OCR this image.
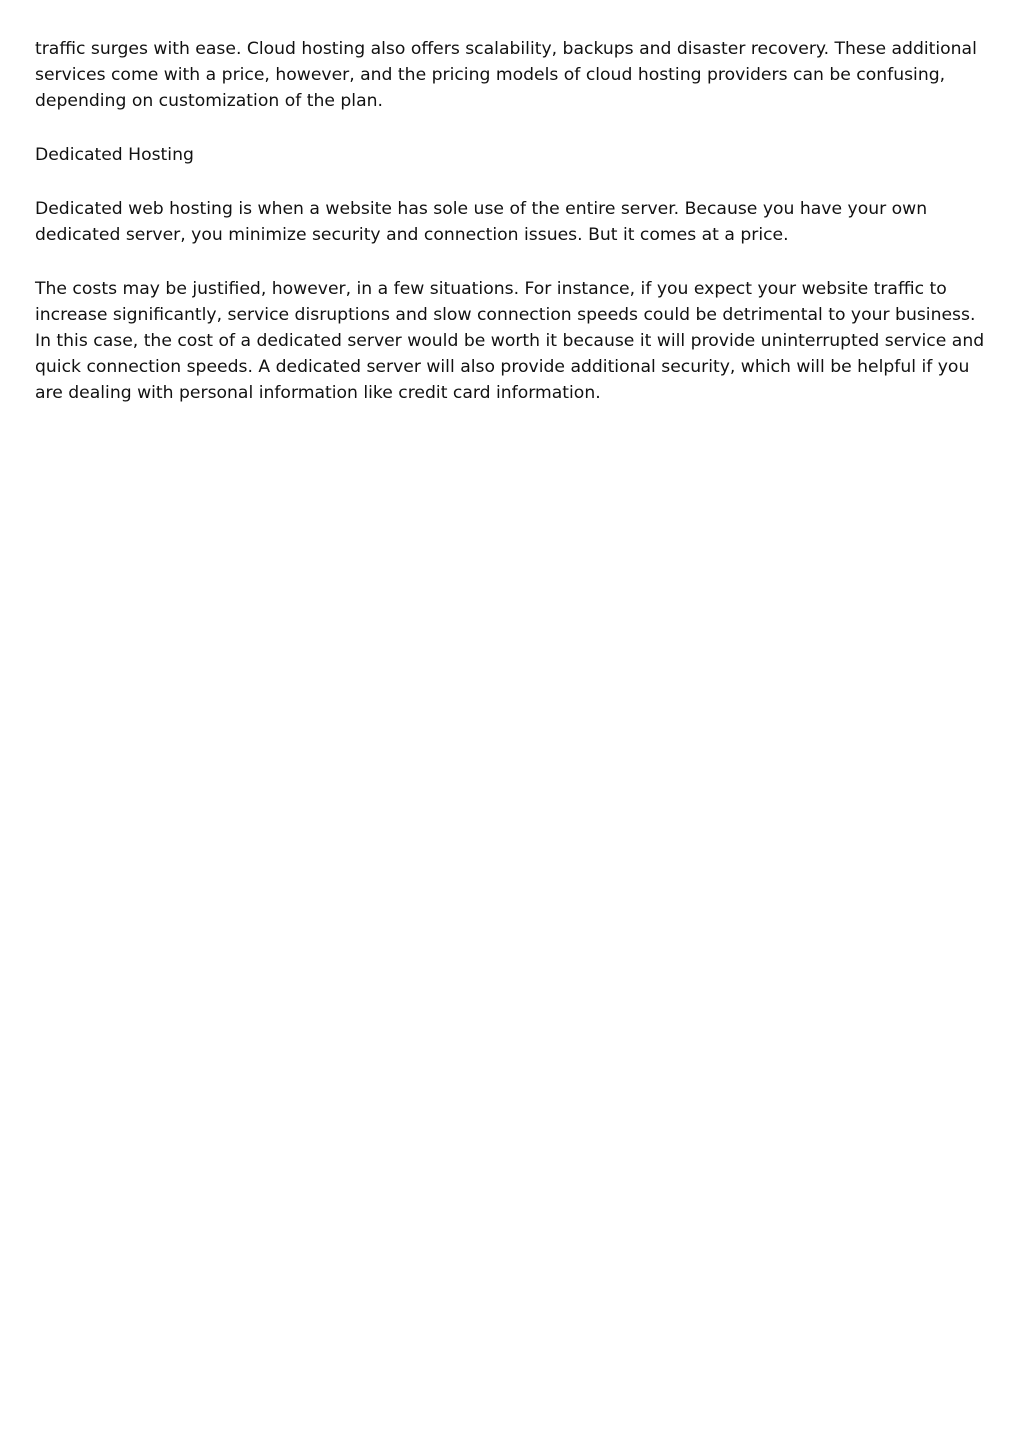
traffic surges with ease. Cloud hosting also offers scalability, backups and disaster recovery. These additional services come with a price, however, and the pricing models of cloud hosting providers can be confusing, depending on customization of the plan.

Dedicated Hosting

Dedicated web hosting is when a website has sole use of the entire server. Because you have your own dedicated server, you minimize security and connection issues. But it comes at a price.

The costs may be justified, however, in a few situations. For instance, if you expect your website traffic to increase significantly, service disruptions and slow connection speeds could be detrimental to your business. In this case, the cost of a dedicated server would be worth it because it will provide uninterrupted service and quick connection speeds. A dedicated server will also provide additional security, which will be helpful if you are dealing with personal information like credit card information.
